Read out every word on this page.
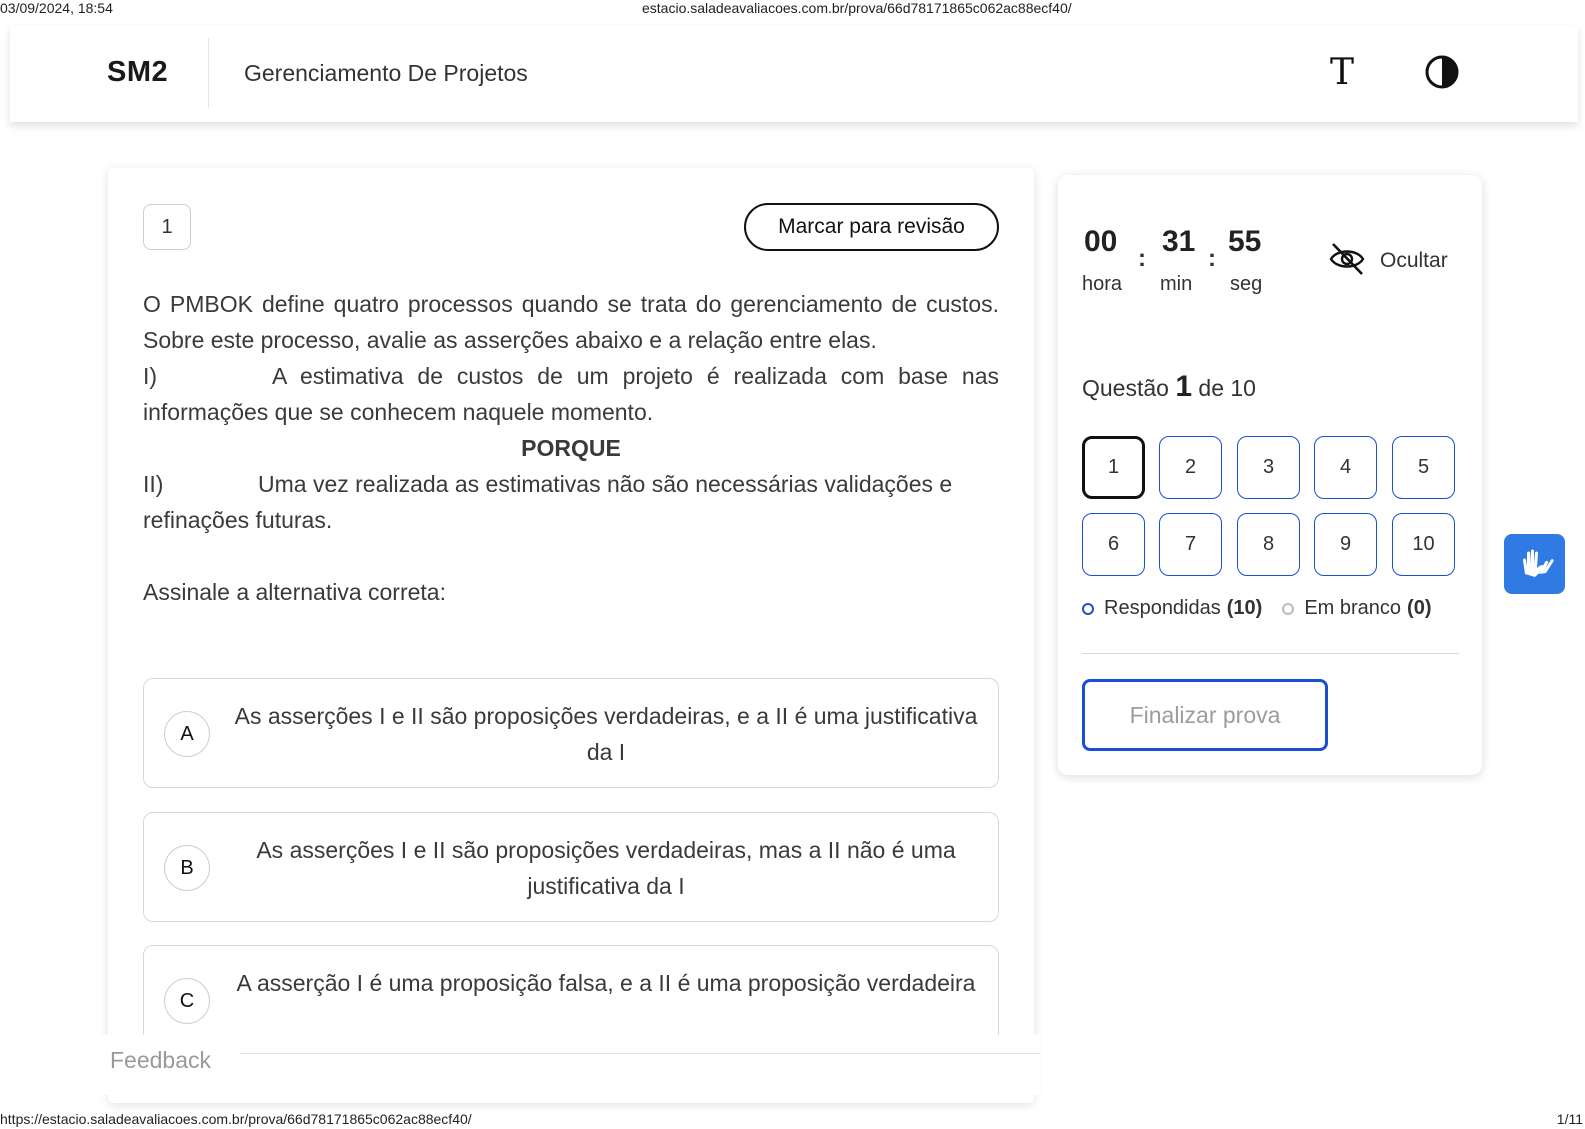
03/09/2024, 18:54	estacio.saladeavaliacoes.com.br/prova/66d78171865c062ac88ecf40/
SM2	Gerenciamento De Projetos	T
1	Marcar para revisão
O PMBOK define quatro processos quando se trata do gerenciamento de custos. Sobre este processo, avalie as asserções abaixo e a relação entre elas.
I)	A estimativa de custos de um projeto é realizada com base nas informações que se conhecem naquele momento.
PORQUE
II)	Uma vez realizada as estimativas não são necessárias validações e refinações futuras.
Assinale a alternativa correta:
A
As asserções I e II são proposições verdadeiras, e a II é uma justificativa da I
B
As asserções I e II são proposições verdadeiras, mas a II não é uma justificativa da I
C
A asserção I é uma proposição falsa, e a II é uma proposição verdadeira
Feedback
00
:
31
:
55
hora min seg
Ocultar
Questão 1 de 10
1	2	3	4	5
6	7	8	9	10
Respondidas (10) Em branco (0)
Finalizar prova
https://estacio.saladeavaliacoes.com.br/prova/66d78171865c062ac88ecf40/	1/11
